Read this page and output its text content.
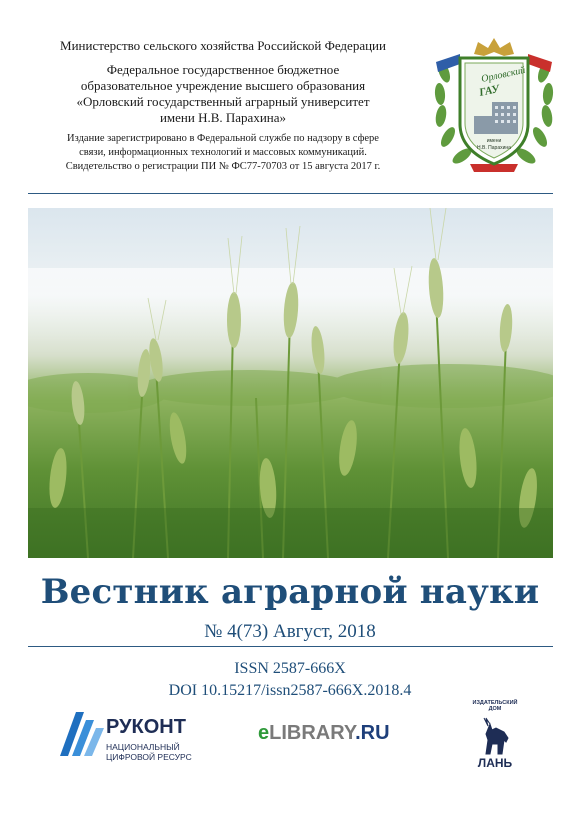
Министерство сельского хозяйства Российской Федерации
Федеральное государственное бюджетное
образовательное учреждение высшего образования
«Орловский государственный аграрный университет
имени Н.В. Парахина»
Издание зарегистрировано в Федеральной службе по надзору в сфере
связи, информационных технологий и массовых коммуникаций.
Свидетельство о регистрации ПИ № ФС77-70703 от 15 августа 2017 г.
Орловский
ГАУ
имени
Н.В. Парахина
Вестник аграрной науки
№ 4(73) Август, 2018
ISSN 2587-666X
DOI 10.15217/issn2587-666X.2018.4
РУКОНТ
НАЦИОНАЛЬНЫЙ
ЦИФРОВОЙ РЕСУРС
eLIBRARY.RU
ИЗДАТЕЛЬСКИЙ
ДОМ
ЛАНЬ
